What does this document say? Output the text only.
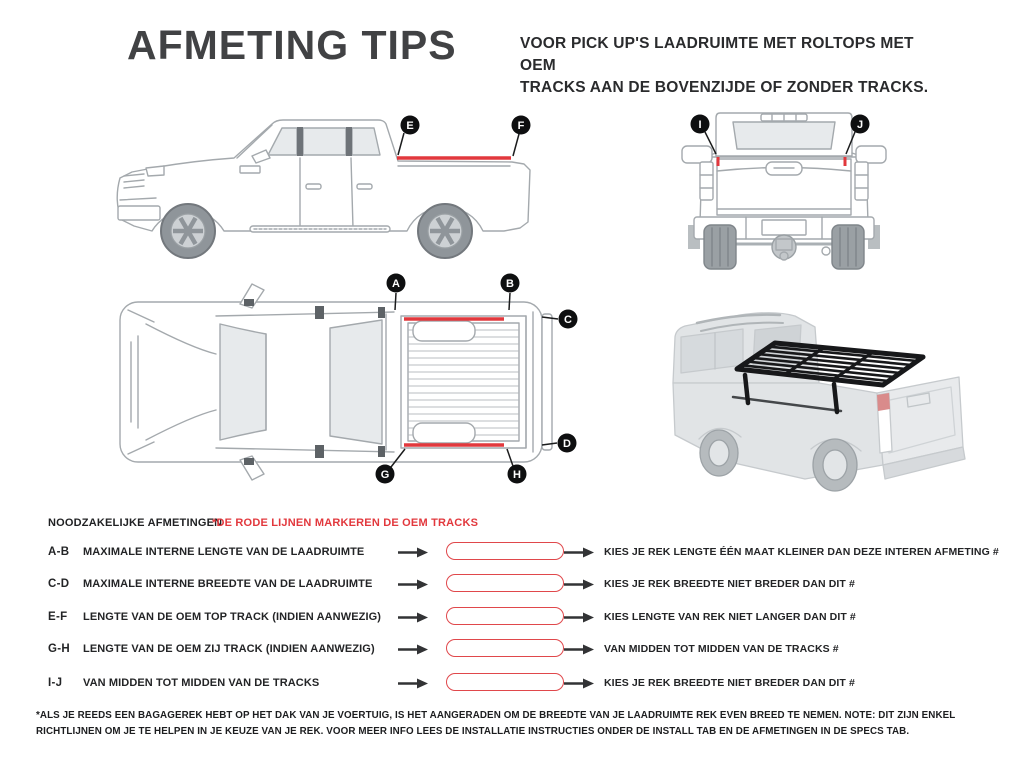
AFMETING TIPS	VOOR PICK UP'S LAADRUIMTE MET ROLTOPS MET OEM
TRACKS AAN DE BOVENZIJDE OF ZONDER TRACKS.
E	F	I	J
A	B
C
D
G	H
NOODZAKELIJKE AFMETINGEN
*DE RODE LIJNEN MARKEREN DE OEM TRACKS
A-B MAXIMALE INTERNE LENGTE VAN DE LAADRUIMTE	KIES JE REK LENGTE ÉÉN MAAT KLEINER DAN DEZE INTEREN AFMETING #
C-D MAXIMALE INTERNE BREEDTE VAN DE LAADRUIMTE	KIES JE REK BREEDTE NIET BREDER DAN DIT #
E-F LENGTE VAN DE OEM TOP TRACK (INDIEN AANWEZIG)	KIES LENGTE VAN REK NIET LANGER DAN DIT #
G-H LENGTE VAN DE OEM ZIJ TRACK (INDIEN AANWEZIG)	VAN MIDDEN TOT MIDDEN VAN DE TRACKS #
I-J VAN MIDDEN TOT MIDDEN VAN DE TRACKS	KIES JE REK BREEDTE NIET BREDER DAN DIT #
*ALS JE REEDS EEN BAGAGEREK HEBT OP HET DAK VAN JE VOERTUIG, IS HET AANGERADEN OM DE BREEDTE VAN JE LAADRUIMTE REK EVEN BREED TE NEMEN. NOTE: DIT ZIJN ENKEL RICHTLIJNEN OM JE TE HELPEN IN JE KEUZE VAN JE REK. VOOR MEER INFO LEES DE INSTALLATIE INSTRUCTIES ONDER DE INSTALL TAB EN DE AFMETINGEN IN DE SPECS TAB.
